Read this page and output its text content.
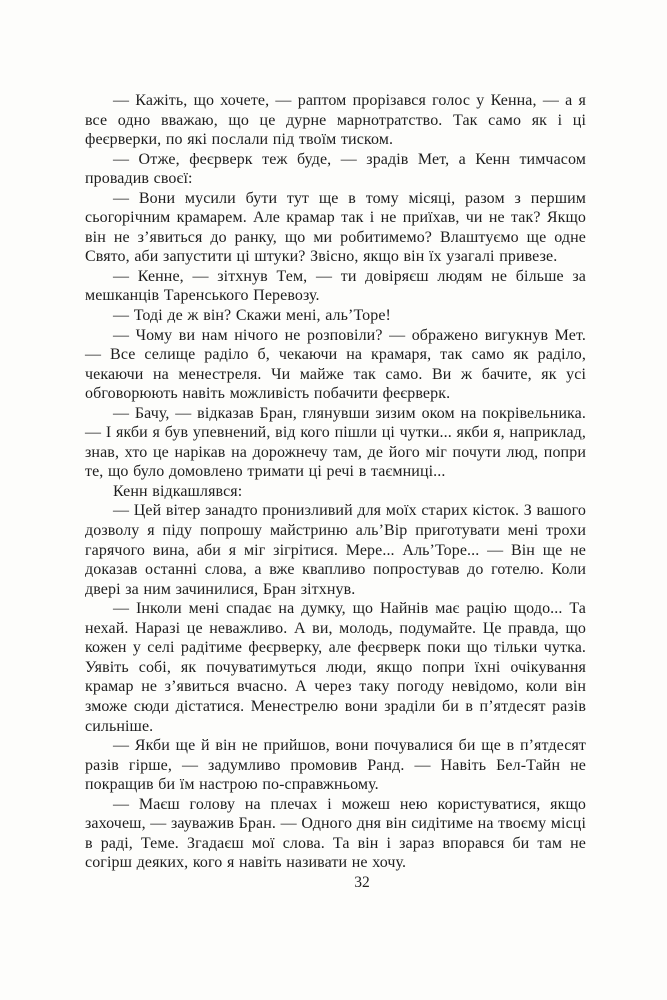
— Кажіть, що хочете, — раптом прорізався голос у Кенна, — а я все одно вважаю, що це дурне марнотратство. Так само як і ці феєрверки, по які послали під твоїм тиском.

— Отже, феєрверк теж буде, — зрадів Мет, а Кенн тимчасом провадив своєї:

— Вони мусили бути тут ще в тому місяці, разом з першим сьогорічним крамарем. Але крамар так і не приїхав, чи не так? Якщо він не з’явиться до ранку, що ми робитимемо? Влаштуємо ще одне Свято, аби запустити ці штуки? Звісно, якщо він їх узагалі привезе.

— Кенне, — зітхнув Тем, — ти довіряєш людям не більше за мешканців Таренського Перевозу.

— Тоді де ж він? Скажи мені, аль’Торе!

— Чому ви нам нічого не розповіли? — ображено вигукнув Мет. — Все селище раділо б, чекаючи на крамаря, так само як раділо, чекаючи на менестреля. Чи майже так само. Ви ж бачите, як усі обговорюють навіть можливість побачити феєрверк.

— Бачу, — відказав Бран, глянувши зизим оком на покрівельника. — І якби я був упевнений, від кого пішли ці чутки... якби я, наприклад, знав, хто це нарікав на дорожнечу там, де його міг почути люд, попри те, що було домовлено тримати ці речі в таємниці...

Кенн відкашлявся:

— Цей вітер занадто пронизливий для моїх старих кісток. З вашого дозволу я піду попрошу майстриню аль’Вір приготувати мені трохи гарячого вина, аби я міг зігрітися. Мере... Аль’Торе... — Він ще не доказав останні слова, а вже квапливо попростував до готелю. Коли двері за ним зачинилися, Бран зітхнув.

— Інколи мені спадає на думку, що Найнів має рацію щодо... Та нехай. Наразі це неважливо. А ви, молодь, подумайте. Це правда, що кожен у селі радітиме феєрверку, але феєрверк поки що тільки чутка. Уявіть собі, як почуватимуться люди, якщо попри їхні очікування крамар не з’явиться вчасно. А через таку погоду невідомо, коли він зможе сюди дістатися. Менестрелю вони зраділи би в п’ятдесят разів сильніше.

— Якби ще й він не прийшов, вони почувалися би ще в п’ятдесят разів гірше, — задумливо промовив Ранд. — Навіть Бел-Тайн не покращив би їм настрою по-справжньому.

— Маєш голову на плечах і можеш нею користуватися, якщо захочеш, — зауважив Бран. — Одного дня він сидітиме на твоєму місці в раді, Теме. Згадаєш мої слова. Та він і зараз впорався би там не согірш деяких, кого я навіть називати не хочу.

32
